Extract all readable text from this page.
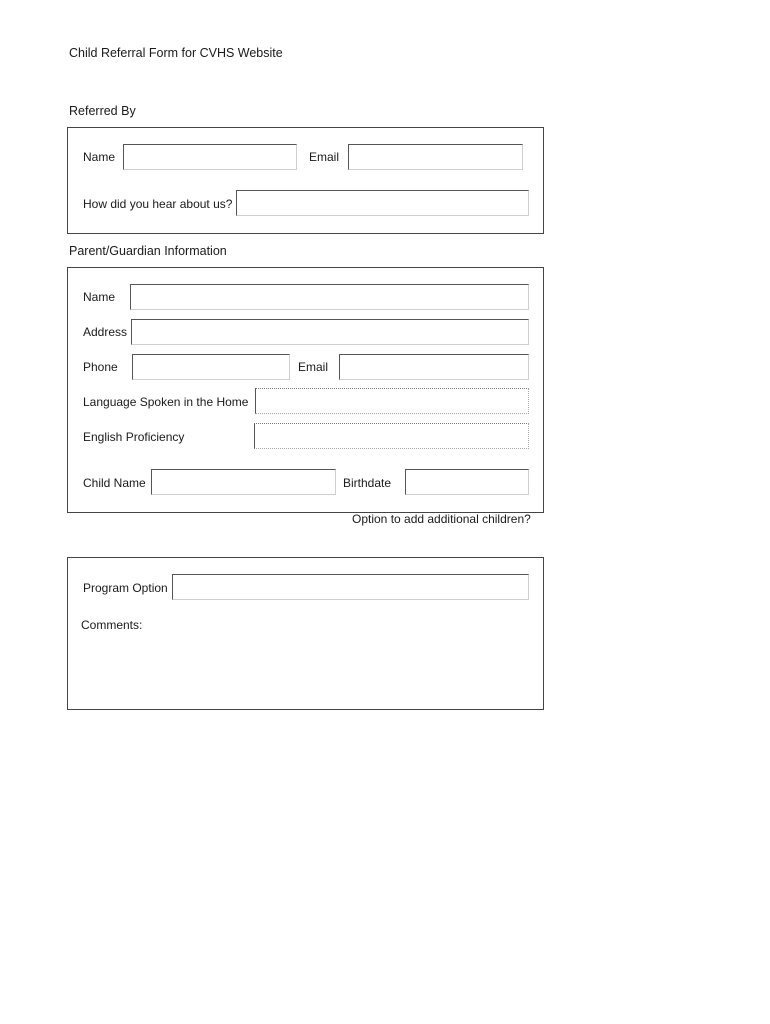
Child Referral Form for CVHS Website
Referred By
Name	Email
How did you hear about us?
Parent/Guardian Information
Name
Address
Phone	Email
Language Spoken in the Home
English Proficiency
Child Name	Birthdate
Option to add additional children?
Program Option
Comments:
